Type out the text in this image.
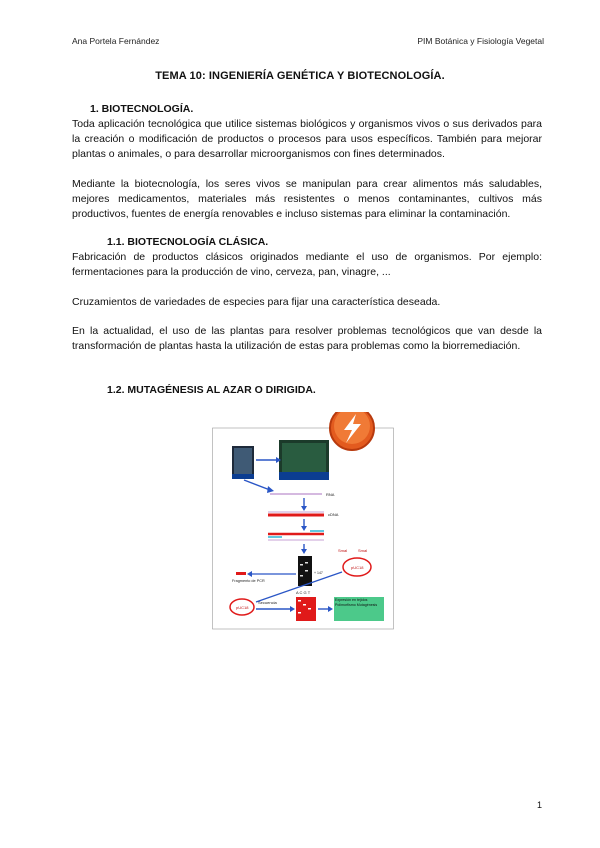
Ana Portela Fernández	PIM Botánica y Fisiología Vegetal
TEMA 10: INGENIERÍA GENÉTICA Y BIOTECNOLOGÍA.
1. BIOTECNOLOGÍA.
Toda aplicación tecnológica que utilice sistemas biológicos y organismos vivos o sus derivados para la creación o modificación de productos o procesos para usos específicos. También para mejorar plantas o animales, o para desarrollar microorganismos con fines determinados.
Mediante la biotecnología, los seres vivos se manipulan para crear alimentos más saludables, mejores medicamentos, materiales más resistentes o menos contaminantes, cultivos más productivos, fuentes de energía renovables e incluso sistemas para eliminar la contaminación.
1.1. BIOTECNOLOGÍA CLÁSICA.
Fabricación de productos clásicos originados mediante el uso de organismos. Por ejemplo: fermentaciones para la producción de vino, cerveza, pan, vinagre, ...
Cruzamientos de variedades de especies para fijar una característica deseada.
En la actualidad, el uso de las plantas para resolver problemas tecnológicos que van desde la transformación de plantas hasta la utilización de estas para problemas como la biorremediación.
1.2. MUTAGÉNESIS AL AZAR O DIRIGIDA.
RNA
cDNA
+ 147
SmaI	SmaI
pUC18
Fragmento de PCR
pUC18
Secuencia
A C G T
Expresión en tejidos Polimorfismo Mutagénesis
1
